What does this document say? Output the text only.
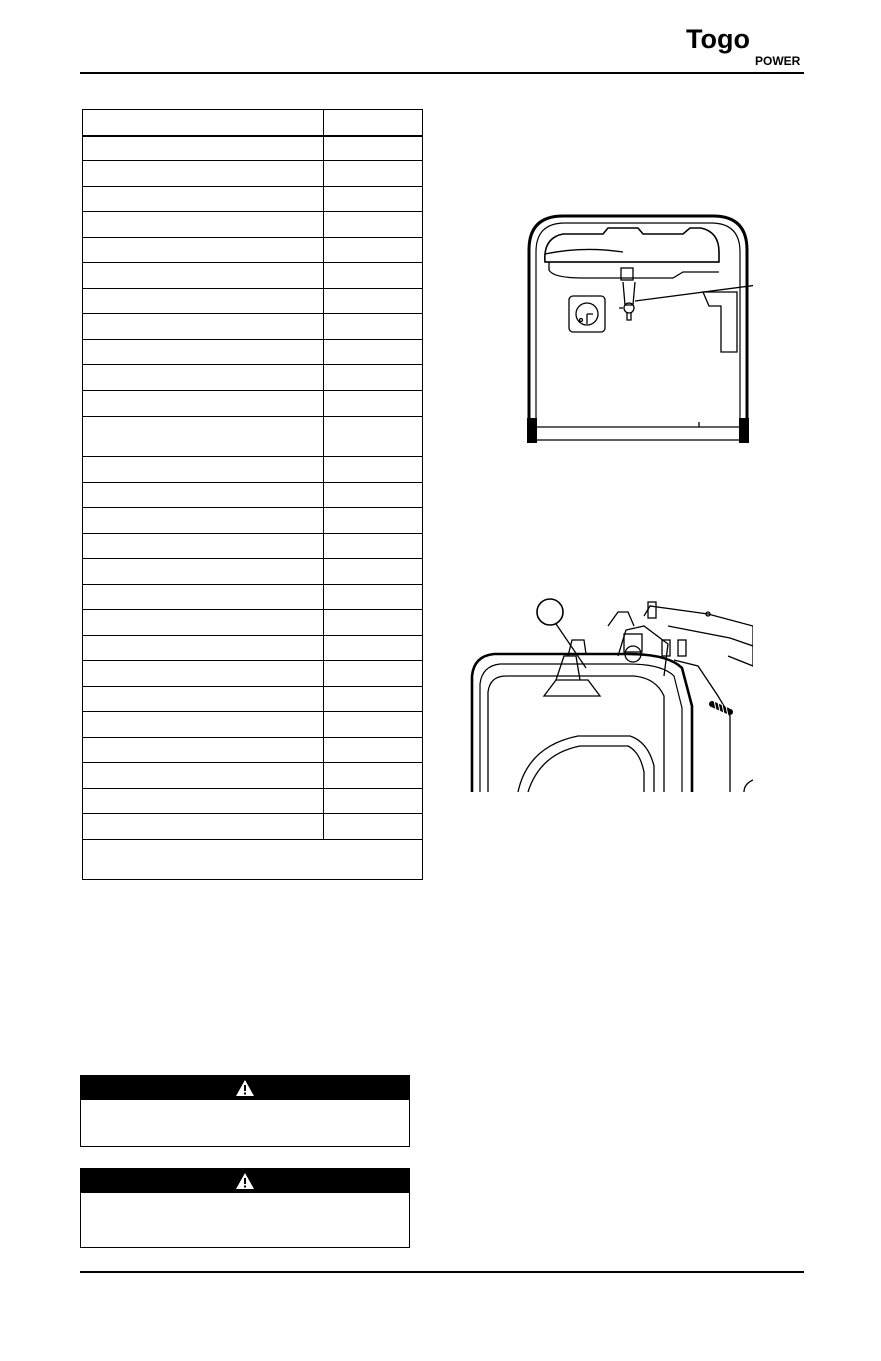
Togo
POWER
